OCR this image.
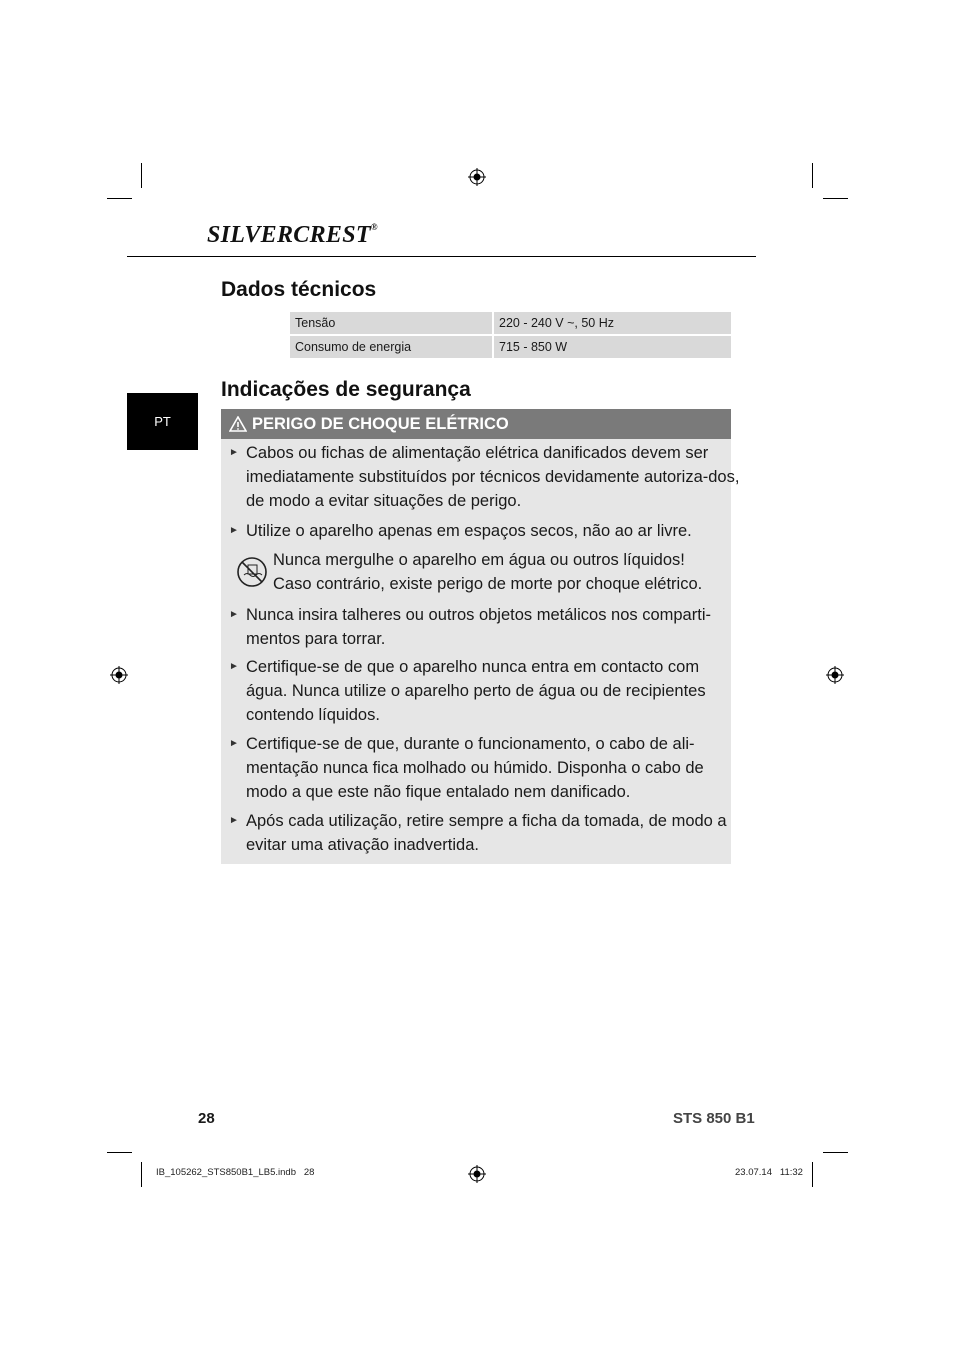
SILVERCREST®
Dados técnicos
Tensão	220 - 240 V ~, 50 Hz
Consumo de energia	715 - 850 W
Indicações de segurança
PT	PERIGO DE CHOQUE ELÉTRICO
► Cabos ou fichas de alimentação elétrica danificados devem ser imediatamente substituídos por técnicos devidamente autoriza-dos, de modo a evitar situações de perigo.
► Utilize o aparelho apenas em espaços secos, não ao ar livre.
Nunca mergulhe o aparelho em água ou outros líquidos! Caso contrário, existe perigo de morte por choque elétrico.
► Nunca insira talheres ou outros objetos metálicos nos comparti-mentos para torrar.
► Certifique-se de que o aparelho nunca entra em contacto com água. Nunca utilize o aparelho perto de água ou de recipientes contendo líquidos.
► Certifique-se de que, durante o funcionamento, o cabo de ali-mentação nunca fica molhado ou húmido. Disponha o cabo de modo a que este não fique entalado nem danificado.
► Após cada utilização, retire sempre a ficha da tomada, de modo a evitar uma ativação inadvertida.
28	STS 850 B1
IB_105262_STS850B1_LB5.indb   28	23.07.14   11:32
